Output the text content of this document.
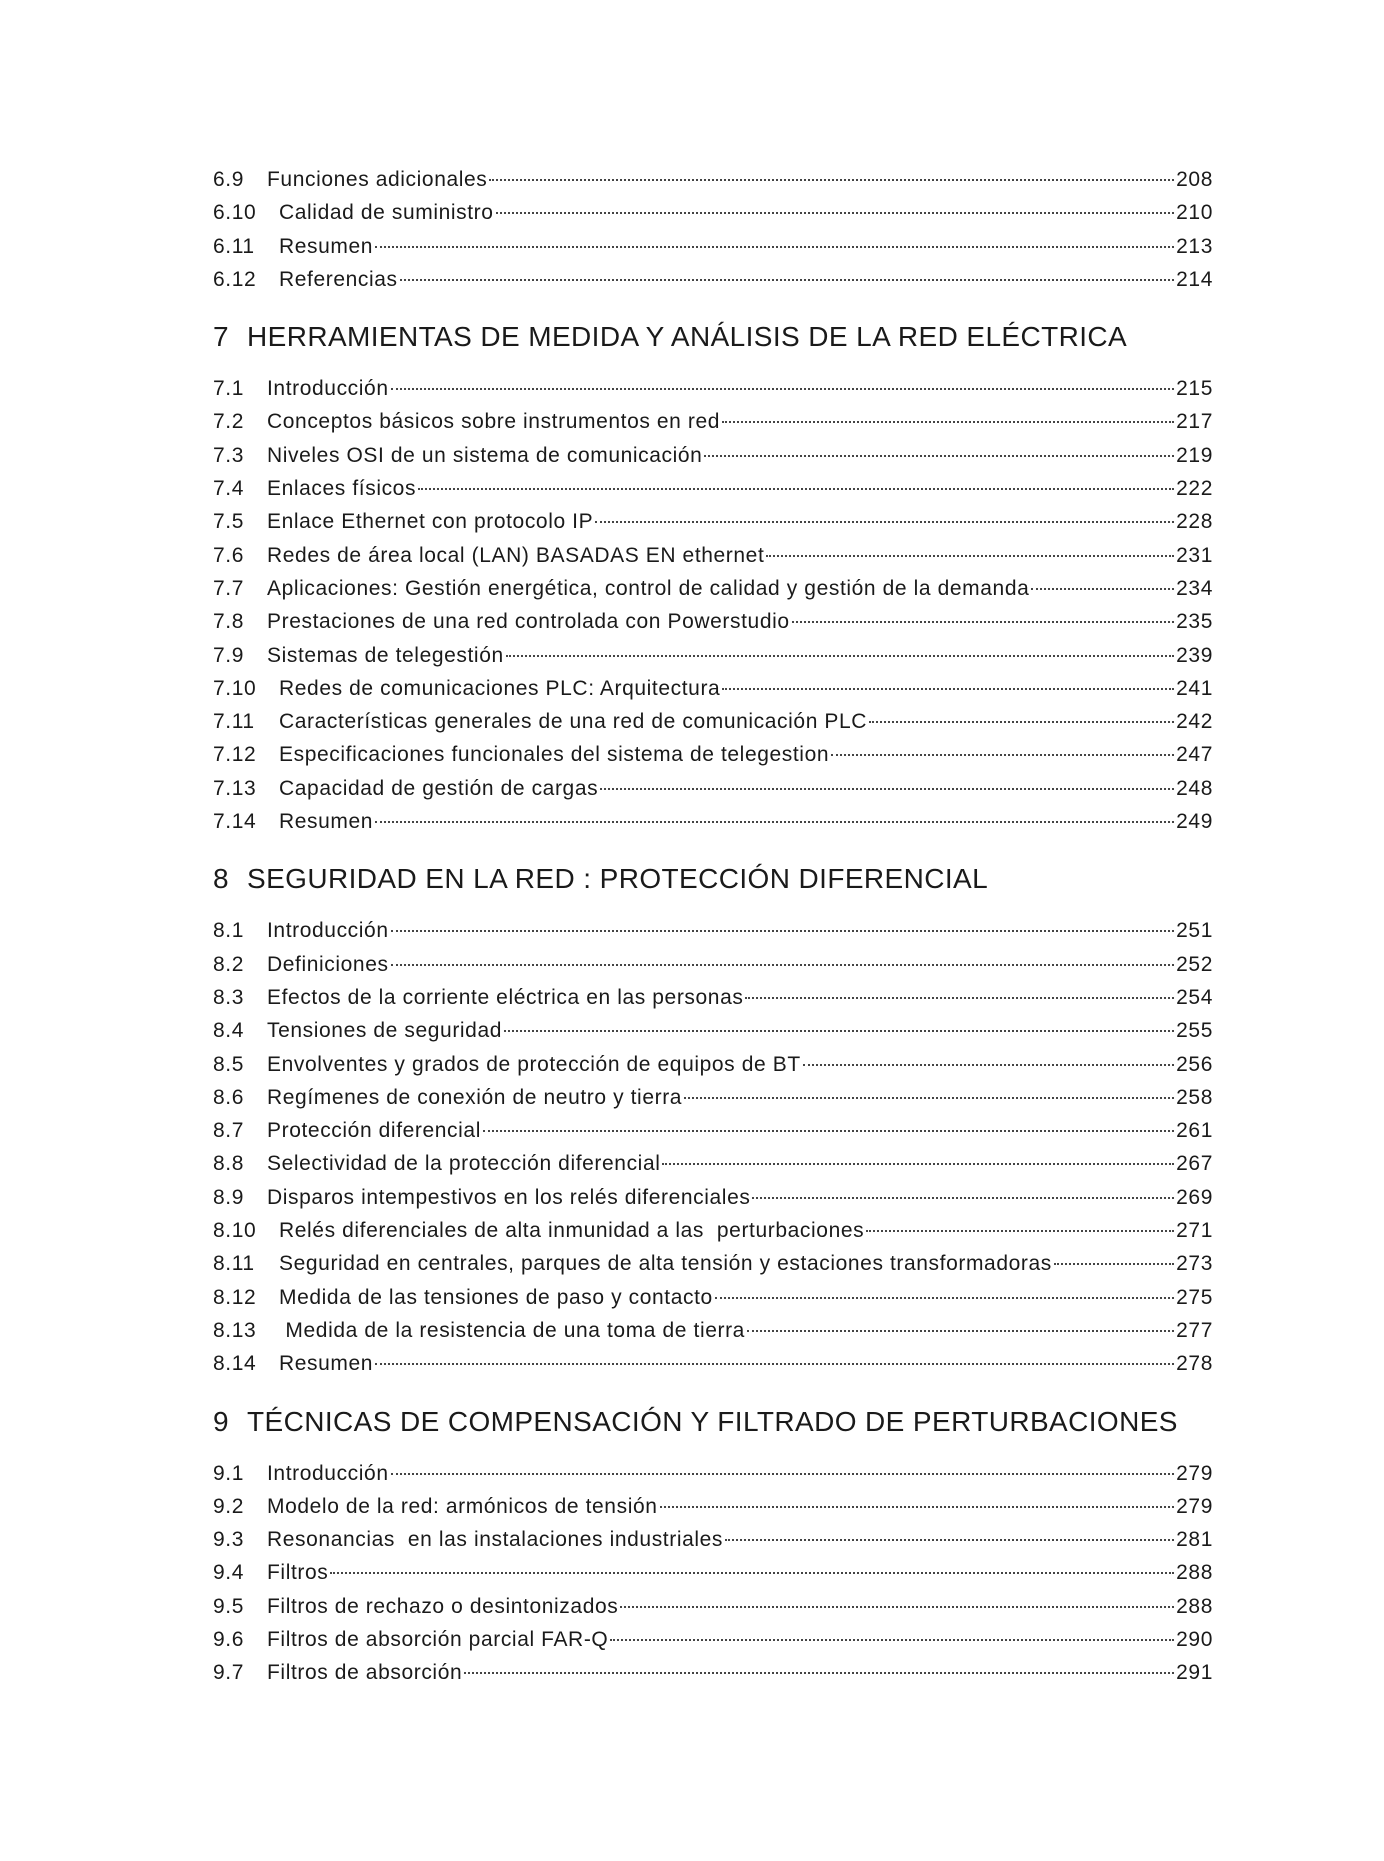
6.9	Funciones adicionales	208
6.10	Calidad de suministro	210
6.11	Resumen	213
6.12	Referencias	214
7 HERRAMIENTAS DE MEDIDA Y ANÁLISIS DE LA RED ELÉCTRICA
7.1	Introducción	215
7.2	Conceptos básicos sobre instrumentos en red	217
7.3	Niveles OSI de un sistema de comunicación	219
7.4	Enlaces físicos	222
7.5	Enlace Ethernet con protocolo IP	228
7.6	Redes de área local (LAN) BASADAS EN ethernet	231
7.7	Aplicaciones: Gestión energética, control de calidad y gestión de la demanda	234
7.8	Prestaciones de una red controlada con Powerstudio	235
7.9	Sistemas de telegestión	239
7.10	Redes de comunicaciones PLC: Arquitectura	241
7.11	Características generales de una red de comunicación PLC	242
7.12	Especificaciones funcionales del sistema de telegestion	247
7.13	Capacidad de gestión de cargas	248
7.14	Resumen	249
8 SEGURIDAD EN LA RED : PROTECCIÓN DIFERENCIAL
8.1	Introducción	251
8.2	Definiciones	252
8.3	Efectos de la corriente eléctrica en las personas	254
8.4	Tensiones de seguridad	255
8.5	Envolventes y grados de protección de equipos de BT	256
8.6	Regímenes de conexión de neutro y tierra	258
8.7	Protección diferencial	261
8.8	Selectividad de la protección diferencial	267
8.9	Disparos intempestivos en los relés diferenciales	269
8.10	Relés diferenciales de alta inmunidad a las  perturbaciones	271
8.11	Seguridad en centrales, parques de alta tensión y estaciones transformadoras	273
8.12	Medida de las tensiones de paso y contacto	275
8.13	Medida de la resistencia de una toma de tierra	277
8.14	Resumen	278
9 TÉCNICAS DE COMPENSACIÓN Y FILTRADO DE PERTURBACIONES
9.1	Introducción	279
9.2	Modelo de la red: armónicos de tensión	279
9.3	Resonancias  en las instalaciones industriales	281
9.4	Filtros	288
9.5	Filtros de rechazo o desintonizados	288
9.6	Filtros de absorción parcial FAR-Q	290
9.7	Filtros de absorción	291
